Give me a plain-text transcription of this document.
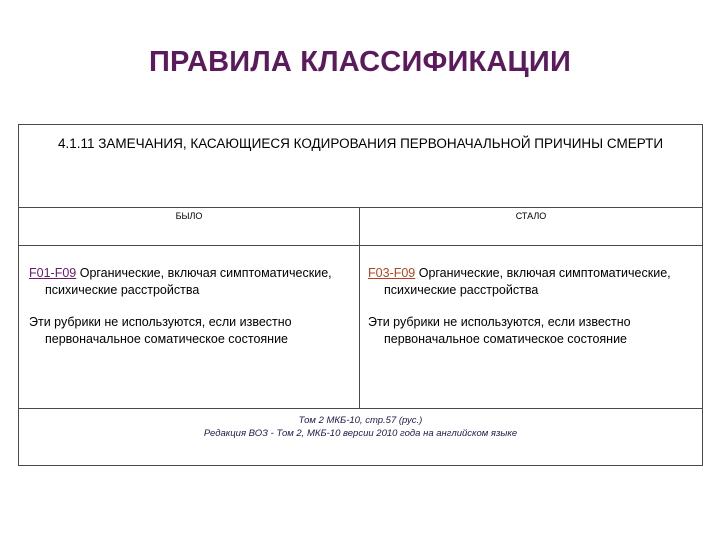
ПРАВИЛА КЛАССИФИКАЦИИ
4.1.11 ЗАМЕЧАНИЯ, КАСАЮЩИЕСЯ КОДИРОВАНИЯ ПЕРВОНАЧАЛЬНОЙ ПРИЧИНЫ СМЕРТИ
БЫЛО	СТАЛО

F01-F09 Органические, включая симптоматические, психические расстройства

Эти рубрики не используются, если известно первоначальное соматическое состояние

F03-F09 Органические, включая симптоматические, психические расстройства

Эти рубрики не используются, если известно первоначальное соматическое состояние

Том 2 МКБ-10, стр.57 (рус.)
Редакция ВОЗ - Том 2, МКБ-10 версии 2010 года на английском языке
